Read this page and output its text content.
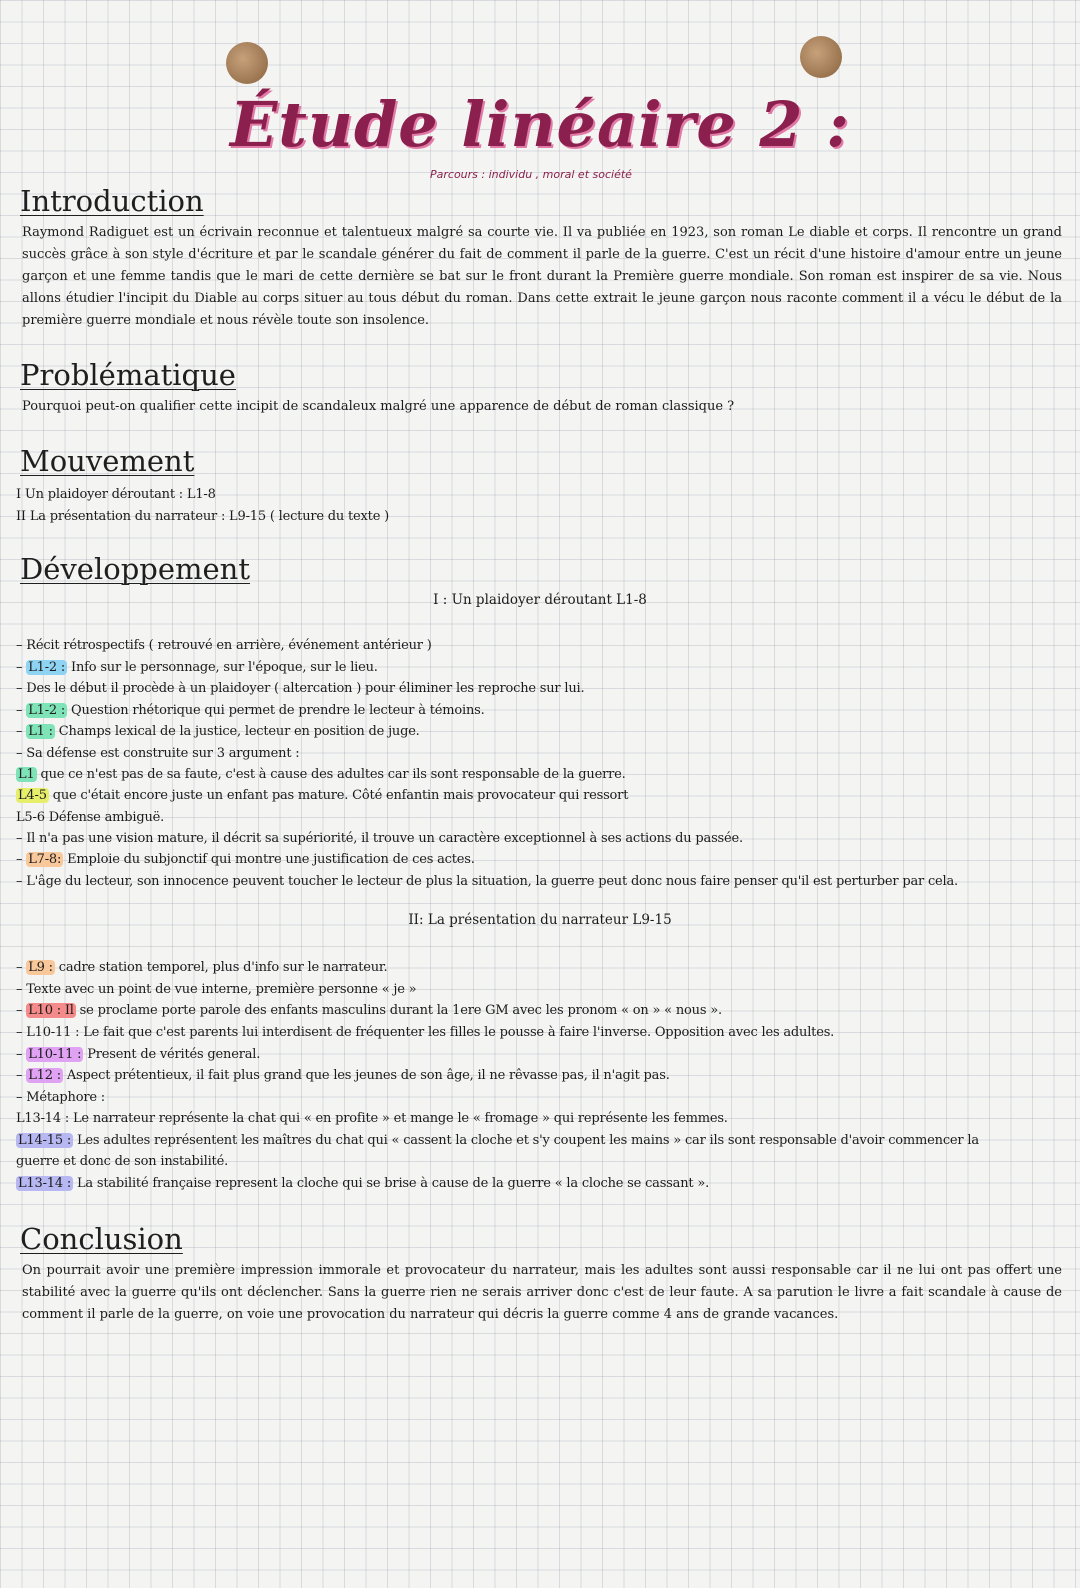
Étude linéaire 2 :
Parcours : individu , moral et société
Introduction
Raymond Radiguet est un écrivain reconnue et talentueux malgré sa courte vie. Il va publiée en 1923, son roman Le diable et corps. Il rencontre un grand succès grâce à son style d'écriture et par le scandale générer du fait de comment il parle de la guerre. C'est un récit d'une histoire d'amour entre un jeune garçon et une femme tandis que le mari de cette dernière se bat sur le front durant la Première guerre mondiale. Son roman est inspirer de sa vie. Nous allons étudier l'incipit du Diable au corps situer au tous début du roman. Dans cette extrait le jeune garçon nous raconte comment il a vécu le début de la première guerre mondiale et nous révèle toute son insolence.
Problématique
Pourquoi peut-on qualifier cette incipit de scandaleux malgré une apparence de début de roman classique ?
Mouvement
I Un plaidoyer déroutant : L1-8
II La présentation du narrateur : L9-15 ( lecture du texte )
Développement
I : Un plaidoyer déroutant L1-8
– Récit rétrospectifs ( retrouvé en arrière, événement antérieur )
– L1-2 : Info sur le personnage, sur l'époque, sur le lieu.
– Des le début il procède à un plaidoyer ( altercation ) pour éliminer les reproche sur lui.
– L1-2 : Question rhétorique qui permet de prendre le lecteur à témoins.
– L1 : Champs lexical de la justice, lecteur en position de juge.
– Sa défense est construite sur 3 argument :
L1 que ce n'est pas de sa faute, c'est à cause des adultes car ils sont responsable de la guerre.
L4-5 que c'était encore juste un enfant pas mature. Côté enfantin mais provocateur qui ressort
L5-6 Défense ambiguë.
– Il n'a pas une vision mature, il décrit sa supériorité, il trouve un caractère exceptionnel à ses actions du passée.
– L7-8: Emploie du subjonctif qui montre une justification de ces actes.
– L'âge du lecteur, son innocence peuvent toucher le lecteur de plus la situation, la guerre peut donc nous faire penser qu'il est perturber par cela.
II: La présentation du narrateur L9-15
– L9 : cadre station temporel, plus d'info sur le narrateur.
– Texte avec un point de vue interne, première personne « je »
– L10 : Il se proclame porte parole des enfants masculins durant la 1ere GM avec les pronom « on » « nous ».
– L10-11 : Le fait que c'est parents lui interdisent de fréquenter les filles le pousse à faire l'inverse. Opposition avec les adultes.
– L10-11 : Present de vérités general.
– L12 : Aspect prétentieux, il fait plus grand que les jeunes de son âge, il ne rêvasse pas, il n'agit pas.
– Métaphore :
L13-14 : Le narrateur représente la chat qui « en profite » et mange le « fromage » qui représente les femmes.
L14-15 : Les adultes représentent les maîtres du chat qui « cassent la cloche et s'y coupent les mains » car ils sont responsable d'avoir commencer la
guerre et donc de son instabilité.
L13-14 : La stabilité française represent la cloche qui se brise à cause de la guerre « la cloche se cassant ».
Conclusion
On pourrait avoir une première impression immorale et provocateur du narrateur, mais les adultes sont aussi responsable car il ne lui ont pas offert une stabilité avec la guerre qu'ils ont déclencher. Sans la guerre rien ne serais arriver donc c'est de leur faute. A sa parution le livre a fait scandale à cause de comment il parle de la guerre, on voie une provocation du narrateur qui décris la guerre comme 4 ans de grande vacances.
